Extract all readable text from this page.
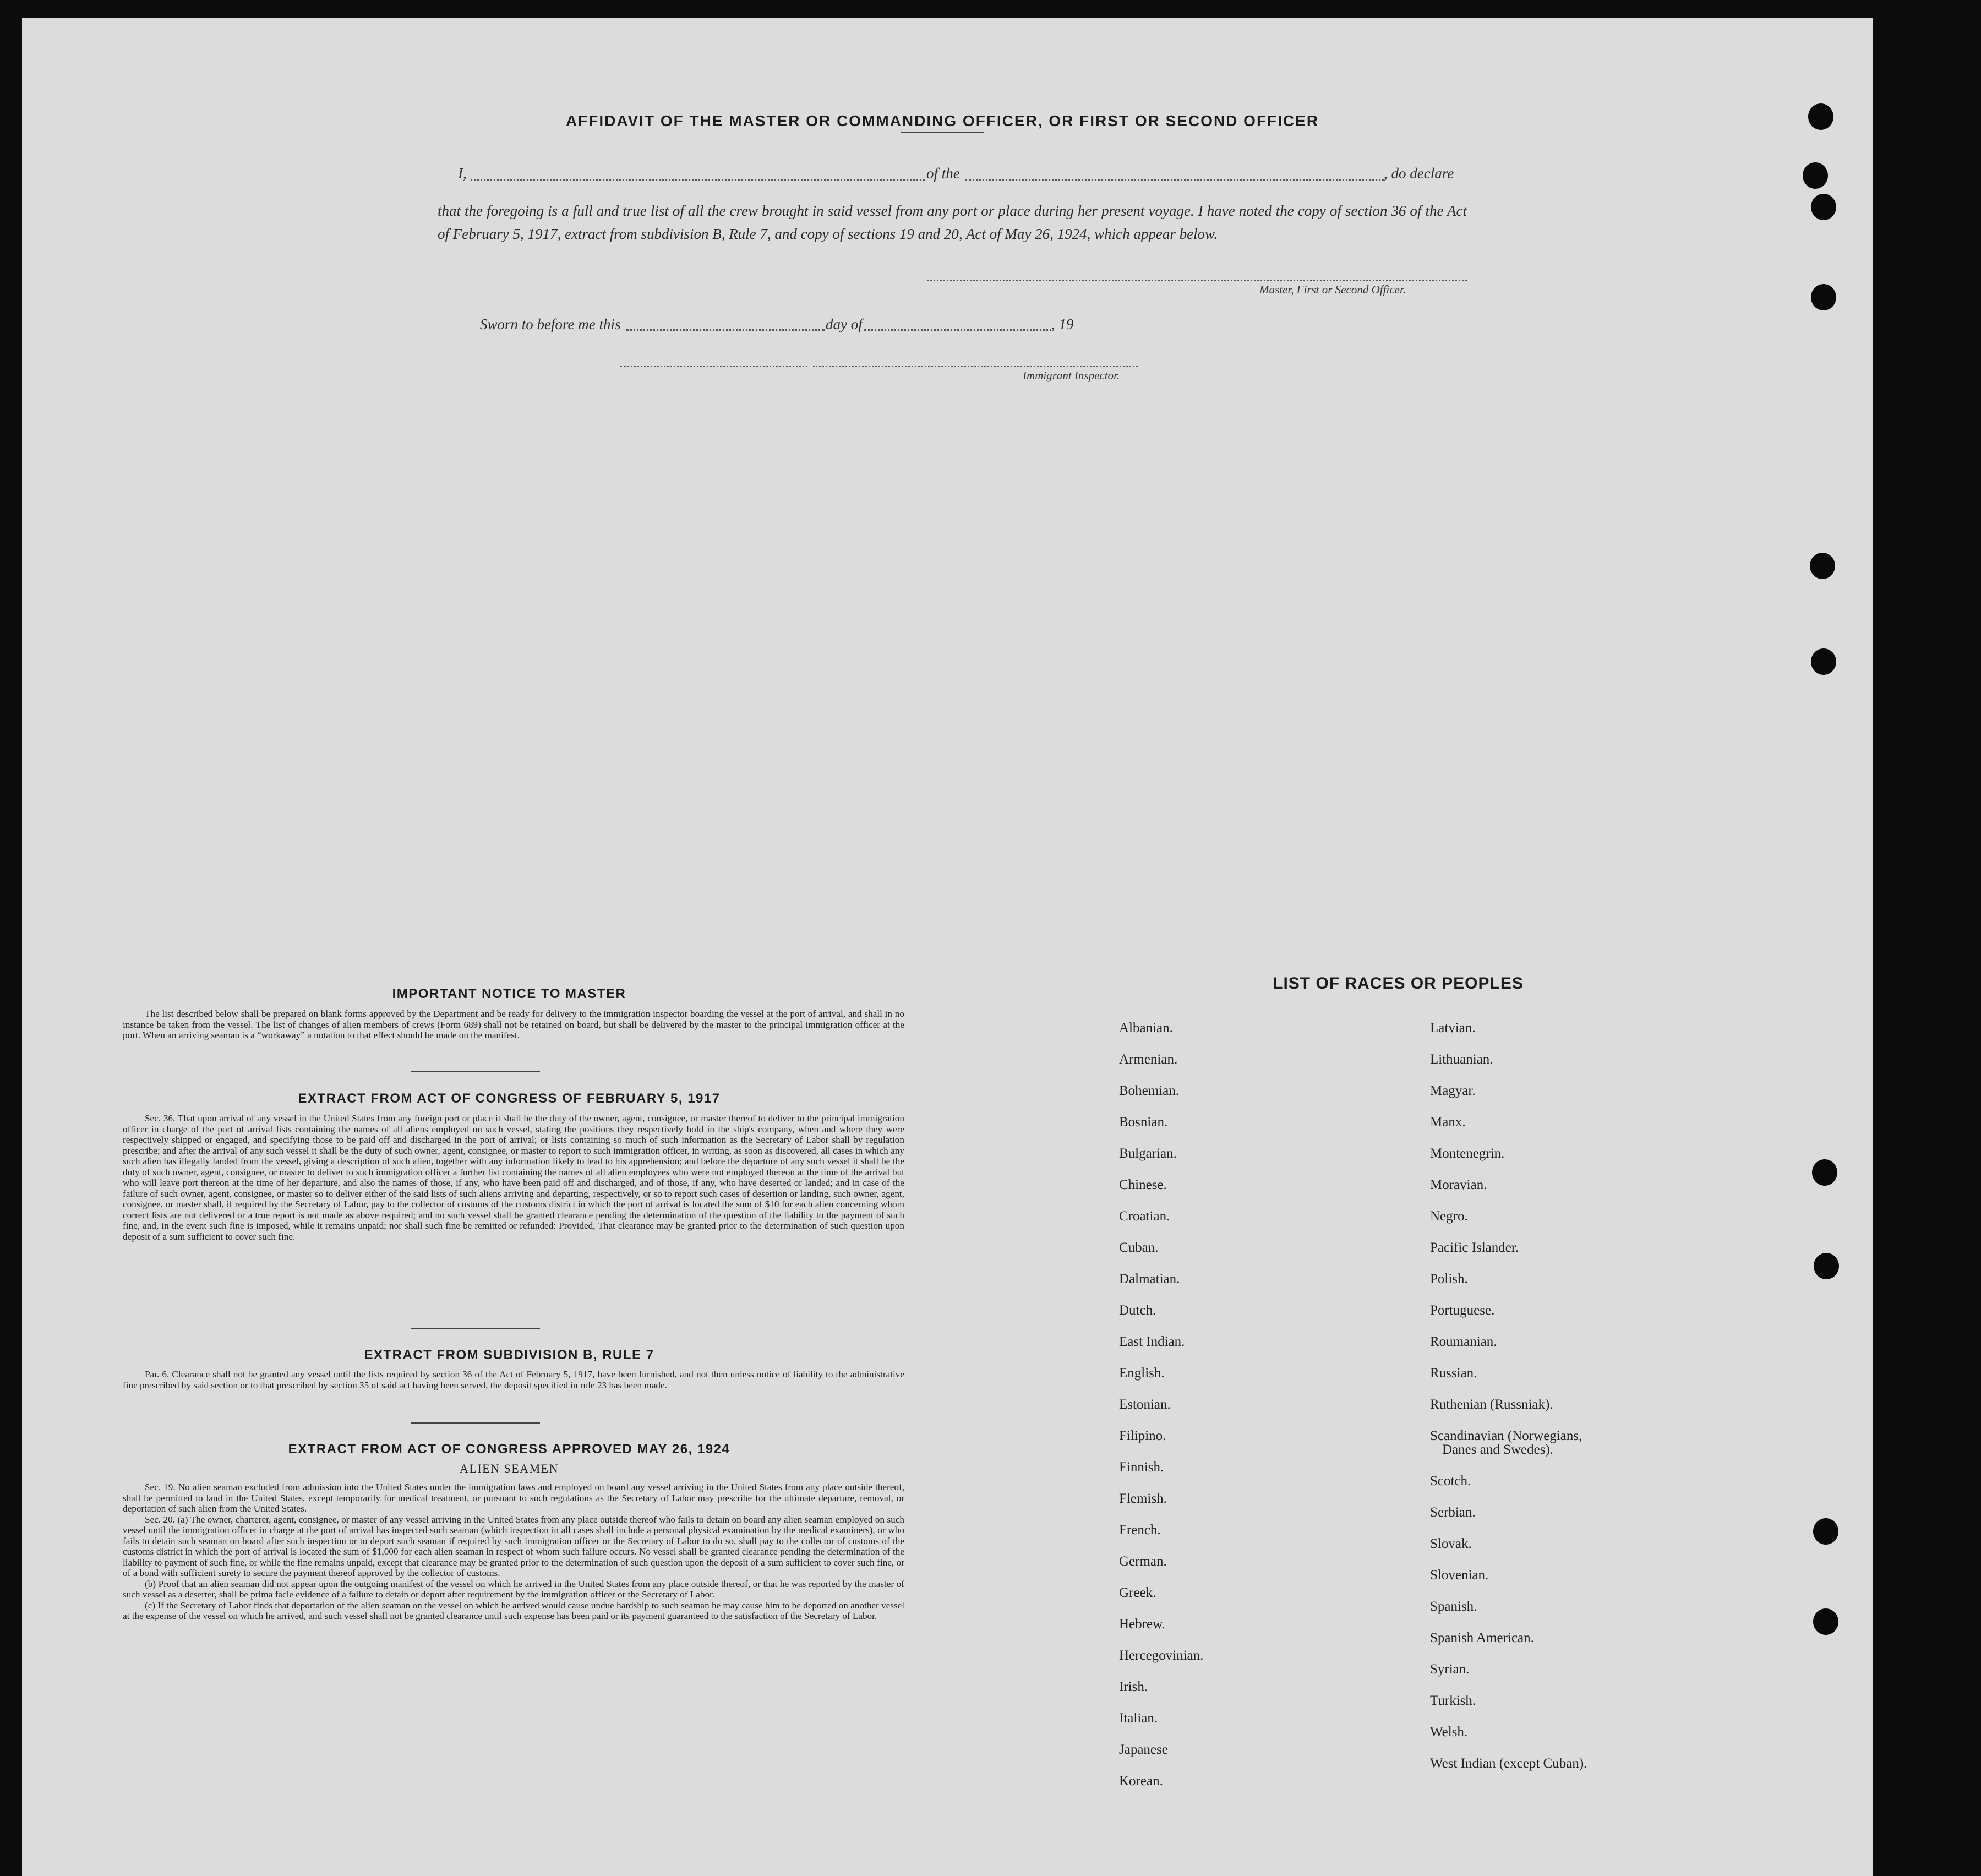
AFFIDAVIT OF THE MASTER OR COMMANDING OFFICER, OR FIRST OR SECOND OFFICER
I,	of the	, do declare
that the foregoing is a full and true list of all the crew brought in said vessel from any port or place during her present voyage. I have noted the copy of section 36 of the Act of February 5, 1917, extract from subdivision B, Rule 7, and copy of sections 19 and 20, Act of May 26, 1924, which appear below.
Master, First or Second Officer.
Sworn to before me this	day of	, 19
Immigrant Inspector.
IMPORTANT NOTICE TO MASTER

The list described below shall be prepared on blank forms approved by the Department and be ready for delivery to the immigration inspector boarding the vessel at the port of arrival, and shall in no instance be taken from the vessel. The list of changes of alien members of crews (Form 689) shall not be retained on board, but shall be delivered by the master to the principal immigration officer at the port. When an arriving seaman is a “workaway” a notation to that effect should be made on the manifest.

EXTRACT FROM ACT OF CONGRESS OF FEBRUARY 5, 1917

Sec. 36. That upon arrival of any vessel in the United States from any foreign port or place it shall be the duty of the owner, agent, consignee, or master thereof to deliver to the principal immigration officer in charge of the port of arrival lists containing the names of all aliens employed on such vessel, stating the positions they respectively hold in the ship's company, when and where they were respectively shipped or engaged, and specifying those to be paid off and discharged in the port of arrival; or lists containing so much of such information as the Secretary of Labor shall by regulation prescribe; and after the arrival of any such vessel it shall be the duty of such owner, agent, consignee, or master to report to such immigration officer, in writing, as soon as discovered, all cases in which any such alien has illegally landed from the vessel, giving a description of such alien, together with any information likely to lead to his apprehension; and before the departure of any such vessel it shall be the duty of such owner, agent, consignee, or master to deliver to such immigration officer a further list containing the names of all alien employees who were not employed thereon at the time of the arrival but who will leave port thereon at the time of her departure, and also the names of those, if any, who have been paid off and discharged, and of those, if any, who have deserted or landed; and in case of the failure of such owner, agent, consignee, or master so to deliver either of the said lists of such aliens arriving and departing, respectively, or so to report such cases of desertion or landing, such owner, agent, consignee, or master shall, if required by the Secretary of Labor, pay to the collector of customs of the customs district in which the port of arrival is located the sum of $10 for each alien concerning whom correct lists are not delivered or a true report is not made as above required; and no such vessel shall be granted clearance pending the determination of the question of the liability to the payment of such fine, and, in the event such fine is imposed, while it remains unpaid; nor shall such fine be remitted or refunded: Provided, That clearance may be granted prior to the determination of such question upon deposit of a sum sufficient to cover such fine.

EXTRACT FROM SUBDIVISION B, RULE 7

Par. 6. Clearance shall not be granted any vessel until the lists required by section 36 of the Act of February 5, 1917, have been furnished, and not then unless notice of liability to the administrative fine prescribed by said section or to that prescribed by section 35 of said act having been served, the deposit specified in rule 23 has been made.

EXTRACT FROM ACT OF CONGRESS APPROVED MAY 26, 1924
ALIEN SEAMEN

Sec. 19. No alien seaman excluded from admission into the United States under the immigration laws and employed on board any vessel arriving in the United States from any place outside thereof, shall be permitted to land in the United States, except temporarily for medical treatment, or pursuant to such regulations as the Secretary of Labor may prescribe for the ultimate departure, removal, or deportation of such alien from the United States.

Sec. 20. (a) The owner, charterer, agent, consignee, or master of any vessel arriving in the United States from any place outside thereof who fails to detain on board any alien seaman employed on such vessel until the immigration officer in charge at the port of arrival has inspected such seaman (which inspection in all cases shall include a personal physical examination by the medical examiners), or who fails to detain such seaman on board after such inspection or to deport such seaman if required by such immigration officer or the Secretary of Labor to do so, shall pay to the collector of customs of the customs district in which the port of arrival is located the sum of $1,000 for each alien seaman in respect of whom such failure occurs. No vessel shall be granted clearance pending the determination of the liability to payment of such fine, or while the fine remains unpaid, except that clearance may be granted prior to the determination of such question upon the deposit of a sum sufficient to cover such fine, or of a bond with sufficient surety to secure the payment thereof approved by the collector of customs.

(b) Proof that an alien seaman did not appear upon the outgoing manifest of the vessel on which he arrived in the United States from any place outside thereof, or that he was reported by the master of such vessel as a deserter, shall be prima facie evidence of a failure to detain or deport after requirement by the immigration officer or the Secretary of Labor.

(c) If the Secretary of Labor finds that deportation of the alien seaman on the vessel on which he arrived would cause undue hardship to such seaman he may cause him to be deported on another vessel at the expense of the vessel on which he arrived, and such vessel shall not be granted clearance until such expense has been paid or its payment guaranteed to the satisfaction of the Secretary of Labor.

LIST OF RACES OR PEOPLES
Albanian.
Armenian.
Bohemian.
Bosnian.
Bulgarian.
Chinese.
Croatian.
Cuban.
Dalmatian.
Dutch.
East Indian.
English.
Estonian.
Filipino.
Finnish.
Flemish.
French.
German.
Greek.
Hebrew.
Hercegovinian.
Irish.
Italian.
Japanese
Korean.
Latvian.
Lithuanian.
Magyar.
Manx.
Montenegrin.
Moravian.
Negro.
Pacific Islander.
Polish.
Portuguese.
Roumanian.
Russian.
Ruthenian (Russniak).
Scandinavian (Norwegians,
Danes and Swedes).
Scotch.
Serbian.
Slovak.
Slovenian.
Spanish.
Spanish American.
Syrian.
Turkish.
Welsh.
West Indian (except Cuban).
